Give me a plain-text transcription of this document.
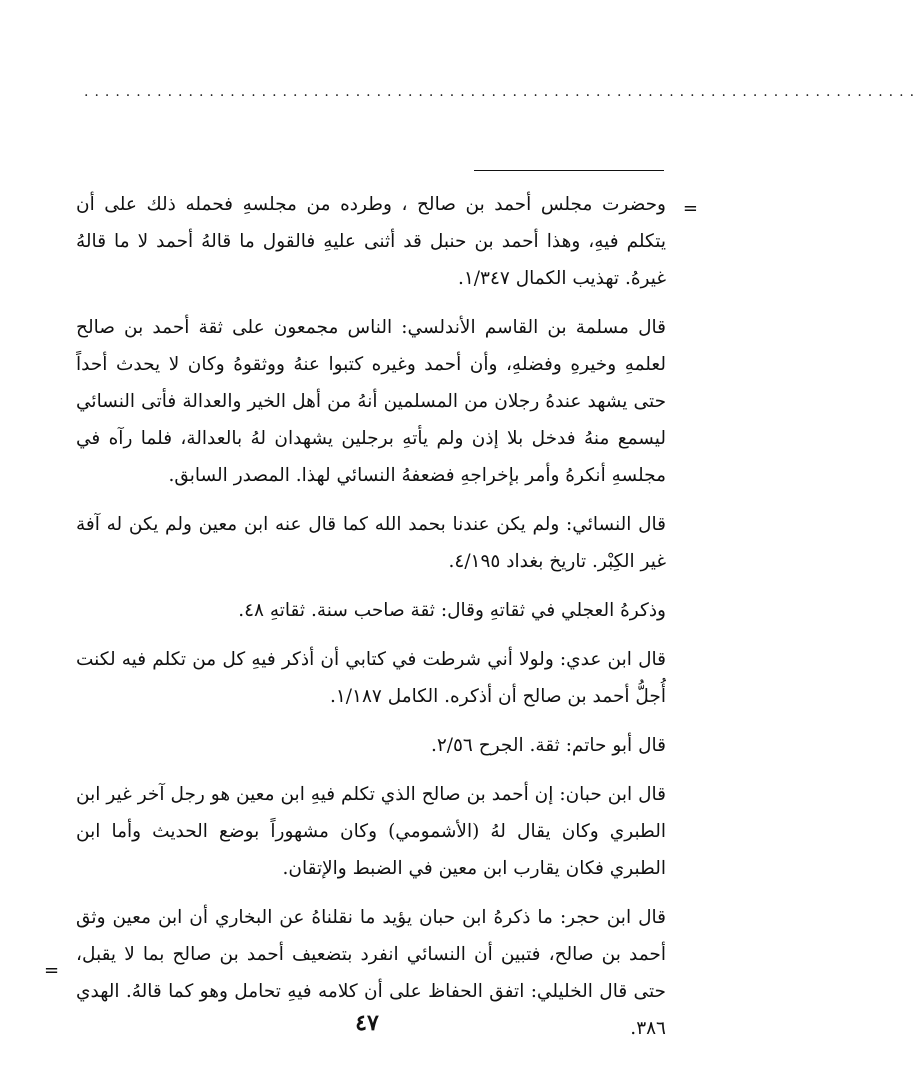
................................................................................
=

وحضرت مجلس أحمد بن صالح ، وطرده من مجلسهِ فحمله ذلك على أن يتكلم فيهِ، وهذا أحمد بن حنبل قد أثنى عليهِ فالقول ما قالهُ أحمد لا ما قالهُ غيرهُ. تهذيب الكمال ١/٣٤٧.

قال مسلمة بن القاسم الأندلسي: الناس مجمعون على ثقة أحمد بن صالح لعلمهِ وخيرهِ وفضلهِ، وأن أحمد وغيره كتبوا عنهُ ووثقوهُ وكان لا يحدث أحداً حتى يشهد عندهُ رجلان من المسلمين أنهُ من أهل الخير والعدالة فأتى النسائي ليسمع منهُ فدخل بلا إذن ولم يأتهِ برجلين يشهدان لهُ بالعدالة، فلما رآه في مجلسهِ أنكرهُ وأمر بإخراجهِ فضعفهُ النسائي لهذا. المصدر السابق.

قال النسائي: ولم يكن عندنا بحمد الله كما قال عنه ابن معين ولم يكن له آفة غير الكِبْر. تاريخ بغداد ٤/١٩٥.

وذكرهُ العجلي في ثقاتهِ وقال: ثقة صاحب سنة. ثقاتهِ ٤٨.

قال ابن عدي: ولولا أني شرطت في كتابي أن أذكر فيهِ كل من تكلم فيه لكنت أُجلُّ أحمد بن صالح أن أذكره. الكامل ١/١٨٧.

قال أبو حاتم: ثقة. الجرح ٢/٥٦.

قال ابن حبان: إن أحمد بن صالح الذي تكلم فيهِ ابن معين هو رجل آخر غير ابن الطبري وكان يقال لهُ (الأشمومي) وكان مشهوراً بوضع الحديث وأما ابن الطبري فكان يقارب ابن معين في الضبط والإتقان.

قال ابن حجر: ما ذكرهُ ابن حبان يؤيد ما نقلناهُ عن البخاري أن ابن معين وثق أحمد بن صالح، فتبين أن النسائي انفرد بتضعيف أحمد بن صالح بما لا يقبل، حتى قال الخليلي: اتفق الحفاظ على أن كلامه فيهِ تحامل وهو كما قالهُ. الهدي ٣٨٦.

=
٤٧
